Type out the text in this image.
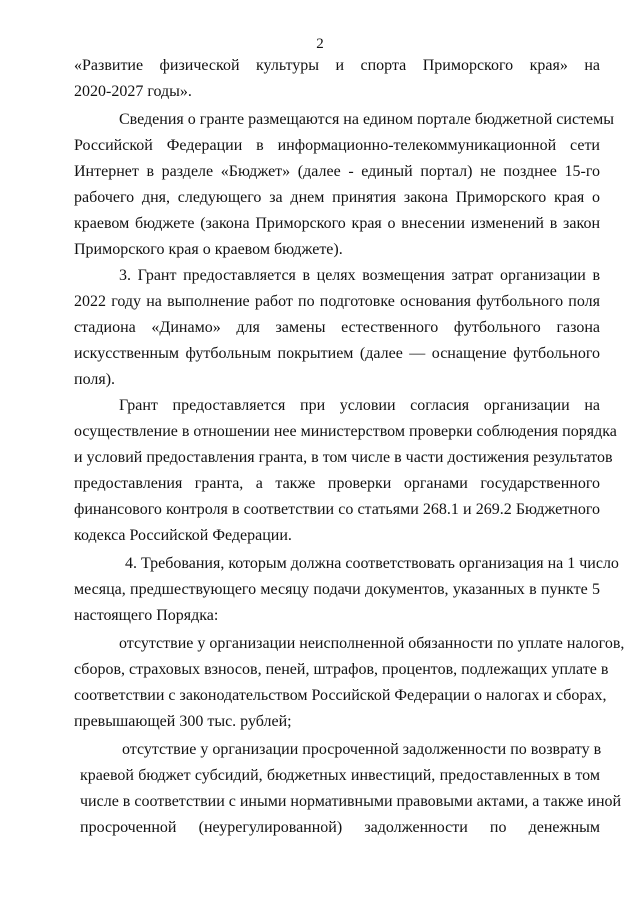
2
«Развитие физической культуры и спорта Приморского края» на
2020-2027 годы».
Сведения о гранте размещаются на едином портале бюджетной системы
Российской Федерации в информационно-телекоммуникационной сети
Интернет в разделе «Бюджет» (далее - единый портал) не позднее 15-го
рабочего дня, следующего за днем принятия закона Приморского края о
краевом бюджете (закона Приморского края о внесении изменений в закон
Приморского края о краевом бюджете).
3. Грант предоставляется в целях возмещения затрат организации в
2022 году на выполнение работ по подготовке основания футбольного поля
стадиона «Динамо» для замены естественного футбольного газона
искусственным футбольным покрытием (далее — оснащение футбольного
поля).
Грант предоставляется при условии согласия организации на
осуществление в отношении нее министерством проверки соблюдения порядка
и условий предоставления гранта, в том числе в части достижения результатов
предоставления гранта, а также проверки органами государственного
финансового контроля в соответствии со статьями 268.1 и 269.2 Бюджетного
кодекса Российской Федерации.
4. Требования, которым должна соответствовать организация на 1 число
месяца, предшествующего месяцу подачи документов, указанных в пункте 5
настоящего Порядка:
отсутствие у организации неисполненной обязанности по уплате налогов,
сборов, страховых взносов, пеней, штрафов, процентов, подлежащих уплате в
соответствии с законодательством Российской Федерации о налогах и сборах,
превышающей 300 тыс. рублей;
отсутствие у организации просроченной задолженности по возврату в
краевой бюджет субсидий, бюджетных инвестиций, предоставленных в том
числе в соответствии с иными нормативными правовыми актами, а также иной
просроченной (неурегулированной) задолженности по денежным
